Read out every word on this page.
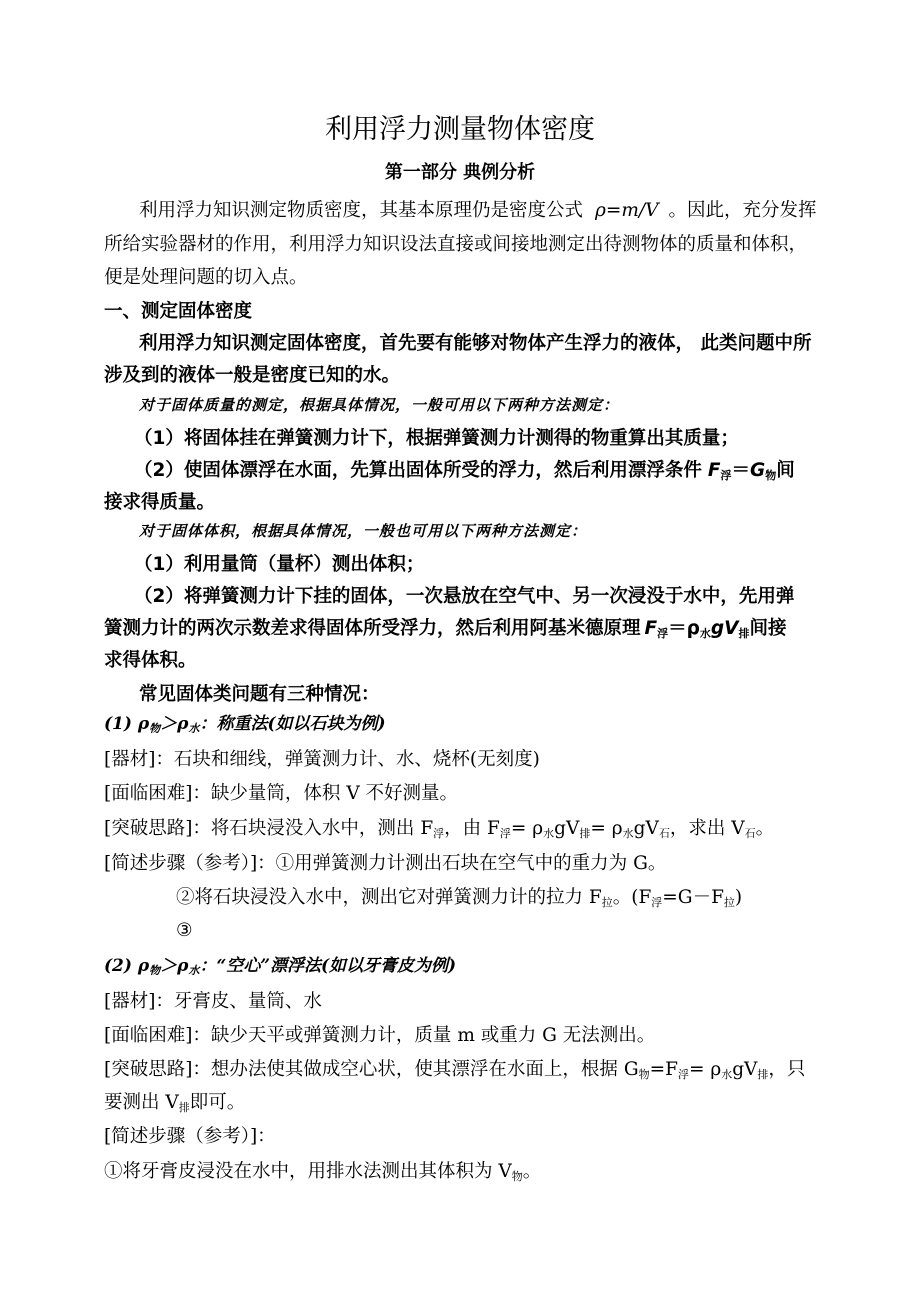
利用浮力测量物体密度
第一部分 典例分析
利用浮力知识测定物质密度，其基本原理仍是密度公式 ρ=m/V 。因此，充分发挥
所给实验器材的作用，利用浮力知识设法直接或间接地测定出待测物体的质量和体积，
便是处理问题的切入点。
一、测定固体密度
利用浮力知识测定固体密度，首先要有能够对物体产生浮力的液体， 此类问题中所
涉及到的液体一般是密度已知的水。
对于固体质量的测定，根据具体情况，一般可用以下两种方法测定：
（1）将固体挂在弹簧测力计下，根据弹簧测力计测得的物重算出其质量；
（2）使固体漂浮在水面，先算出固体所受的浮力，然后利用漂浮条件 $F_浮=G_物$间
接求得质量。
对于固体体积，根据具体情况，一般也可用以下两种方法测定：
（1）利用量筒（量杯）测出体积；
（2）将弹簧测力计下挂的固体，一次悬放在空气中、另一次浸没于水中，先用弹
簧测力计的两次示数差求得固体所受浮力，然后利用阿基米德原理 $F_浮=\rho_水gV_排$间接
求得体积。
常见固体类问题有三种情况：
(1) $\rho_物>\rho_水$：称重法(如以石块为例)
[器材]：石块和细线，弹簧测力计、水、烧杯(无刻度)
[面临困难]：缺少量筒，体积 V 不好测量。
[突破思路]：将石块浸没入水中，测出 $F_浮$，由 $F_浮= \rho_水gV_排= \rho_水gV_石$，求出 $V_石$。
[简述步骤（参考）]：①用弹簧测力计测出石块在空气中的重力为 G。
②将石块浸没入水中，测出它对弹簧测力计的拉力 $F_拉$。$(F_浮=G-F_拉)$
③
(2) $\rho_物>\rho_水$：“空心”漂浮法(如以牙膏皮为例)
[器材]：牙膏皮、量筒、水
[面临困难]：缺少天平或弹簧测力计，质量 m 或重力 G 无法测出。
[突破思路]：想办法使其做成空心状，使其漂浮在水面上，根据 $G_物=F_浮= \rho_水gV_排$，只
要测出 $V_排$即可。
[简述步骤（参考）]：
①将牙膏皮浸没在水中，用排水法测出其体积为 $V_物$。
